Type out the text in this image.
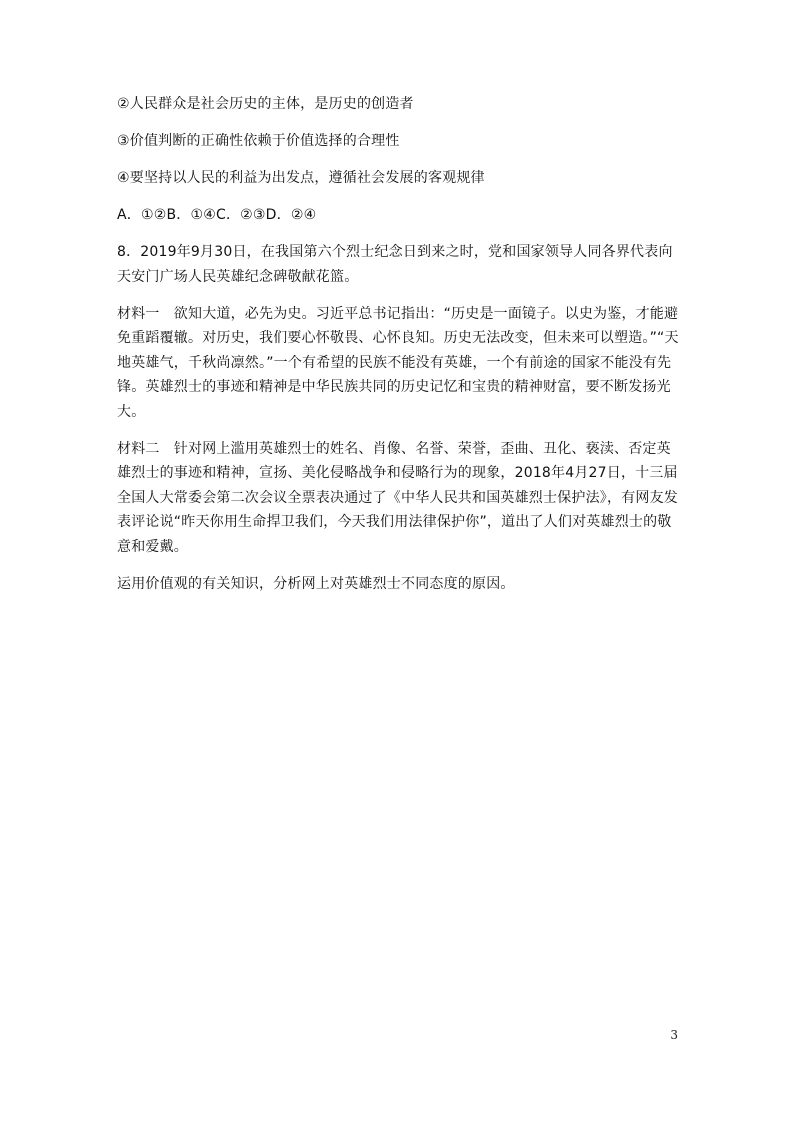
②人民群众是社会历史的主体，是历史的创造者

③价值判断的正确性依赖于价值选择的合理性

④要坚持以人民的利益为出发点，遵循社会发展的客观规律

A．①②B．①④C．②③D．②④

8．2019年9月30日，在我国第六个烈士纪念日到来之时，党和国家领导人同各界代表向天安门广场人民英雄纪念碑敬献花篮。

材料一　欲知大道，必先为史。习近平总书记指出：“历史是一面镜子。以史为鉴，才能避免重蹈覆辙。对历史，我们要心怀敬畏、心怀良知。历史无法改变，但未来可以塑造。”“天地英雄气，千秋尚凛然。”一个有希望的民族不能没有英雄，一个有前途的国家不能没有先锋。英雄烈士的事迹和精神是中华民族共同的历史记忆和宝贵的精神财富，要不断发扬光大。

材料二　针对网上滥用英雄烈士的姓名、肖像、名誉、荣誉，歪曲、丑化、亵渎、否定英雄烈士的事迹和精神，宣扬、美化侵略战争和侵略行为的现象，2018年4月27日，十三届全国人大常委会第二次会议全票表决通过了《中华人民共和国英雄烈士保护法》，有网友发表评论说“昨天你用生命捍卫我们，今天我们用法律保护你”，道出了人们对英雄烈士的敬意和爱戴。

运用价值观的有关知识，分析网上对英雄烈士不同态度的原因。

3
